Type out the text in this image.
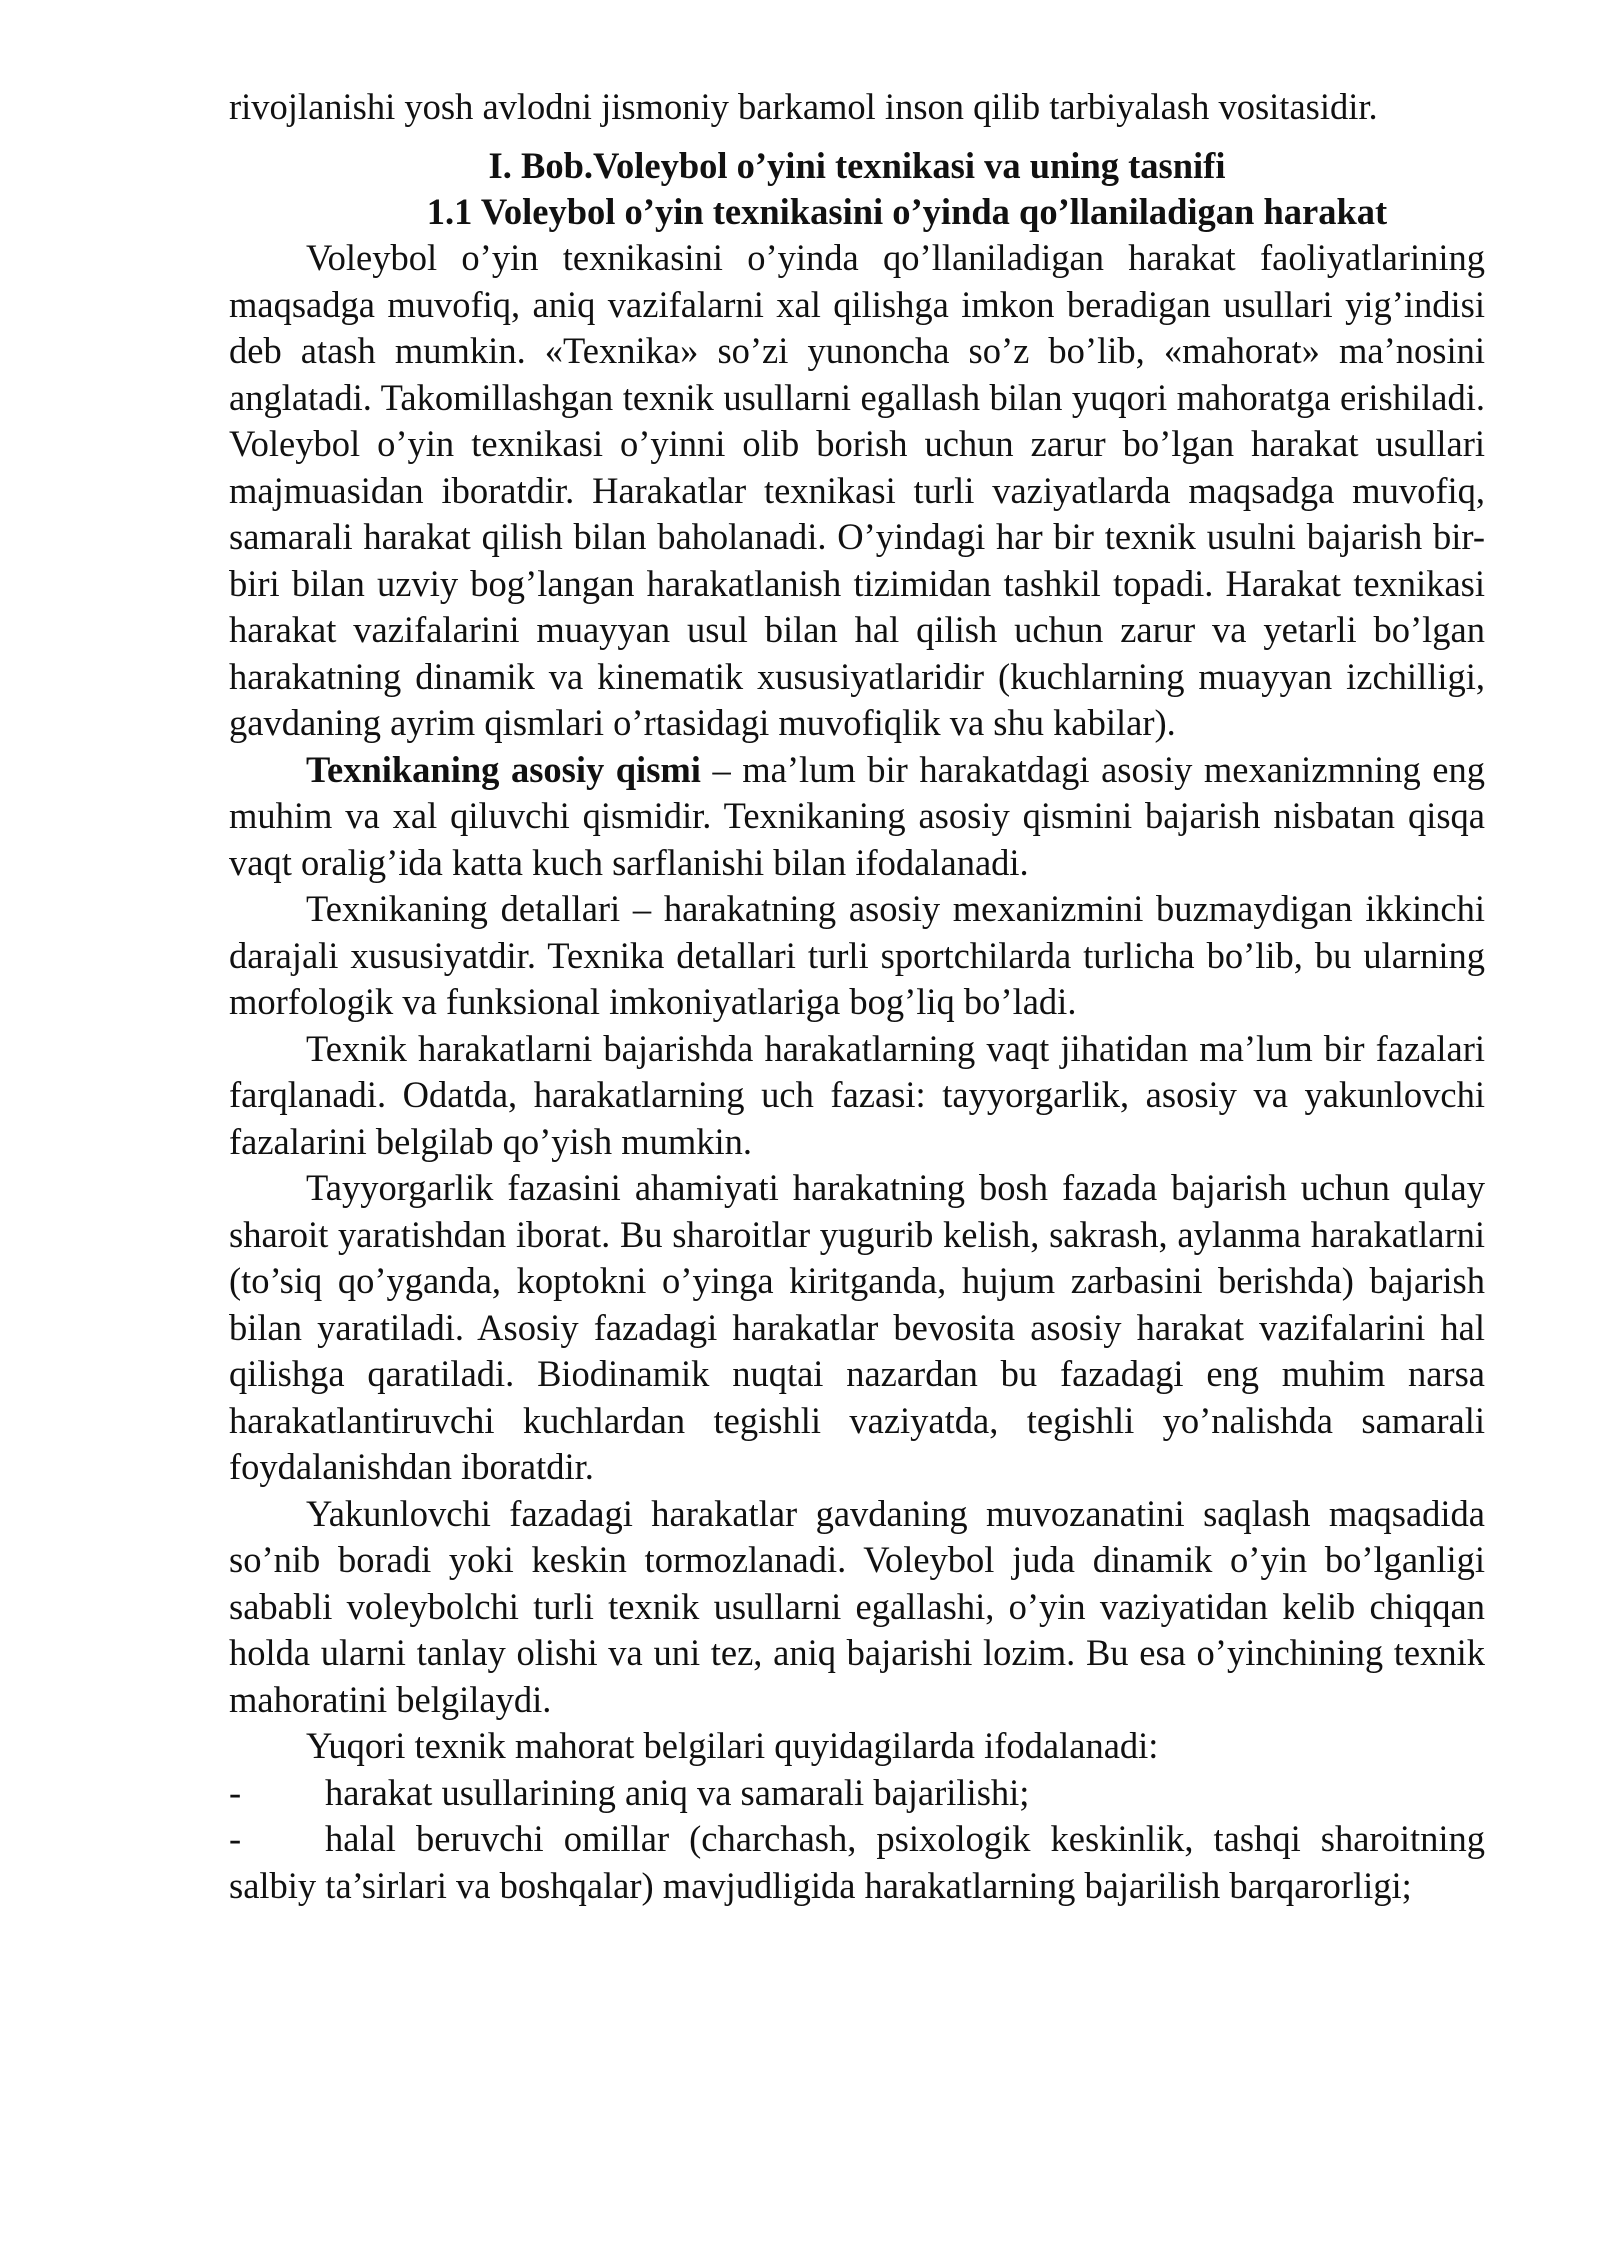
rivojlanishi yosh avlodni jismoniy barkamol inson qilib tarbiyalash vositasidir.

I. Bob.Voleybol o’yini texnikasi va uning tasnifi
1.1 Voleybol o’yin texnikasini o’yinda qo’llaniladigan harakat

Voleybol o’yin texnikasini o’yinda qo’llaniladigan harakat faoliyatlarining maqsadga muvofiq, aniq vazifalarni xal qilishga imkon beradigan usullari yig’indisi deb atash mumkin. «Texnika» so’zi yunoncha so’z bo’lib, «mahorat» ma’nosini anglatadi. Takomillashgan texnik usullarni egallash bilan yuqori mahoratga erishiladi. Voleybol o’yin texnikasi o’yinni olib borish uchun zarur bo’lgan harakat usullari majmuasidan iboratdir. Harakatlar texnikasi turli vaziyatlarda maqsadga muvofiq, samarali harakat qilish bilan baholanadi. O’yindagi har bir texnik usulni bajarish bir-biri bilan uzviy bog’langan harakatlanish tizimidan tashkil topadi. Harakat texnikasi harakat vazifalarini muayyan usul bilan hal qilish uchun zarur va yetarli bo’lgan harakatning dinamik va kinematik xususiyatlaridir (kuchlarning muayyan izchilligi, gavdaning ayrim qismlari o’rtasidagi muvofiqlik va shu kabilar).

Texnikaning asosiy qismi – ma’lum bir harakatdagi asosiy mexanizmning eng muhim va xal qiluvchi qismidir. Texnikaning asosiy qismini bajarish nisbatan qisqa vaqt oralig’ida katta kuch sarflanishi bilan ifodalanadi.

Texnikaning detallari – harakatning asosiy mexanizmini buzmaydigan ikkinchi darajali xususiyatdir. Texnika detallari turli sportchilarda turlicha bo’lib, bu ularning morfologik va funksional imkoniyatlariga bog’liq bo’ladi.

Texnik harakatlarni bajarishda harakatlarning vaqt jihatidan ma’lum bir fazalari farqlanadi. Odatda, harakatlarning uch fazasi: tayyorgarlik, asosiy va yakunlovchi fazalarini belgilab qo’yish mumkin.

Tayyorgarlik fazasini ahamiyati harakatning bosh fazada bajarish uchun qulay sharoit yaratishdan iborat. Bu sharoitlar yugurib kelish, sakrash, aylanma harakatlarni (to’siq qo’yganda, koptokni o’yinga kiritganda, hujum zarbasini berishda) bajarish bilan yaratiladi. Asosiy fazadagi harakatlar bevosita asosiy harakat vazifalarini hal qilishga qaratiladi. Biodinamik nuqtai nazardan bu fazadagi eng muhim narsa harakatlantiruvchi kuchlardan tegishli vaziyatda, tegishli yo’nalishda samarali foydalanishdan iboratdir.

Yakunlovchi fazadagi harakatlar gavdaning muvozanatini saqlash maqsadida so’nib boradi yoki keskin tormozlanadi. Voleybol juda dinamik o’yin bo’lganligi sababli voleybolchi turli texnik usullarni egallashi, o’yin vaziyatidan kelib chiqqan holda ularni tanlay olishi va uni tez, aniq bajarishi lozim. Bu esa o’yinchining texnik mahoratini belgilaydi.

Yuqori texnik mahorat belgilari quyidagilarda ifodalanadi:

-	harakat usullarining aniq va samarali bajarilishi;

- halal beruvchi omillar (charchash, psixologik keskinlik, tashqi sharoitning salbiy ta’sirlari va boshqalar) mavjudligida harakatlarning bajarilish barqarorligi;
